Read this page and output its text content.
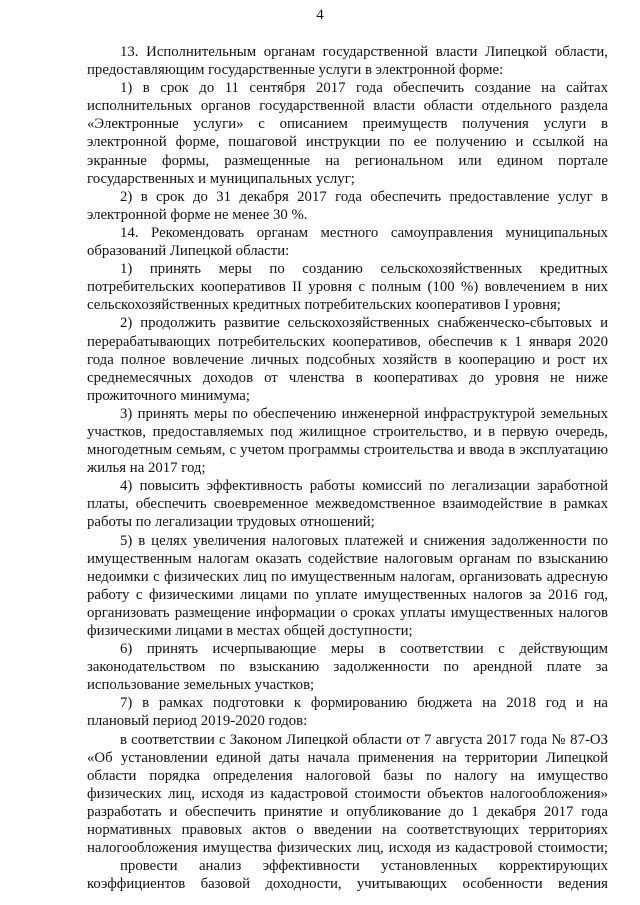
4
13. Исполнительным органам государственной власти Липецкой области,
предоставляющим государственные услуги в электронной форме:
1) в срок до 11 сентября 2017 года обеспечить создание на сайтах
исполнительных органов государственной власти области отдельного раздела
«Электронные услуги» с описанием преимуществ получения услуги в
электронной форме, пошаговой инструкции по ее получению и ссылкой на
экранные формы, размещенные на региональном или едином портале
государственных и муниципальных услуг;
2) в срок до 31 декабря 2017 года обеспечить предоставление услуг в
электронной форме не менее 30 %.
14. Рекомендовать органам местного самоуправления муниципальных
образований Липецкой области:
1) принять меры по созданию сельскохозяйственных кредитных
потребительских кооперативов II уровня с полным (100 %) вовлечением в них
сельскохозяйственных кредитных потребительских кооперативов I уровня;
2) продолжить развитие сельскохозяйственных снабженческо-сбытовых и
перерабатывающих потребительских кооперативов, обеспечив к 1 января 2020
года полное вовлечение личных подсобных хозяйств в кооперацию и рост их
среднемесячных доходов от членства в кооперативах до уровня не ниже
прожиточного минимума;
3) принять меры по обеспечению инженерной инфраструктурой земельных
участков, предоставляемых под жилищное строительство, и в первую очередь,
многодетным семьям, с учетом программы строительства и ввода в эксплуатацию
жилья на 2017 год;
4) повысить эффективность работы комиссий по легализации заработной
платы, обеспечить своевременное межведомственное взаимодействие в рамках
работы по легализации трудовых отношений;
5) в целях увеличения налоговых платежей и снижения задолженности по
имущественным налогам оказать содействие налоговым органам по взысканию
недоимки с физических лиц по имущественным налогам, организовать адресную
работу с физическими лицами по уплате имущественных налогов за 2016 год,
организовать размещение информации о сроках уплаты имущественных налогов
физическими лицами в местах общей доступности;
6) принять исчерпывающие меры в соответствии с действующим
законодательством по взысканию задолженности по арендной плате за
использование земельных участков;
7) в рамках подготовки к формированию бюджета на 2018 год и на
плановый период 2019-2020 годов:
в соответствии с Законом Липецкой области от 7 августа 2017 года № 87-ОЗ
«Об установлении единой даты начала применения на территории Липецкой
области порядка определения налоговой базы по налогу на имущество
физических лиц, исходя из кадастровой стоимости объектов налогообложения»
разработать и обеспечить принятие и опубликование до 1 декабря 2017 года
нормативных правовых актов о введении на соответствующих территориях
налогообложения имущества физических лиц, исходя из кадастровой стоимости;
провести анализ эффективности установленных корректирующих
коэффициентов базовой доходности, учитывающих особенности ведения
